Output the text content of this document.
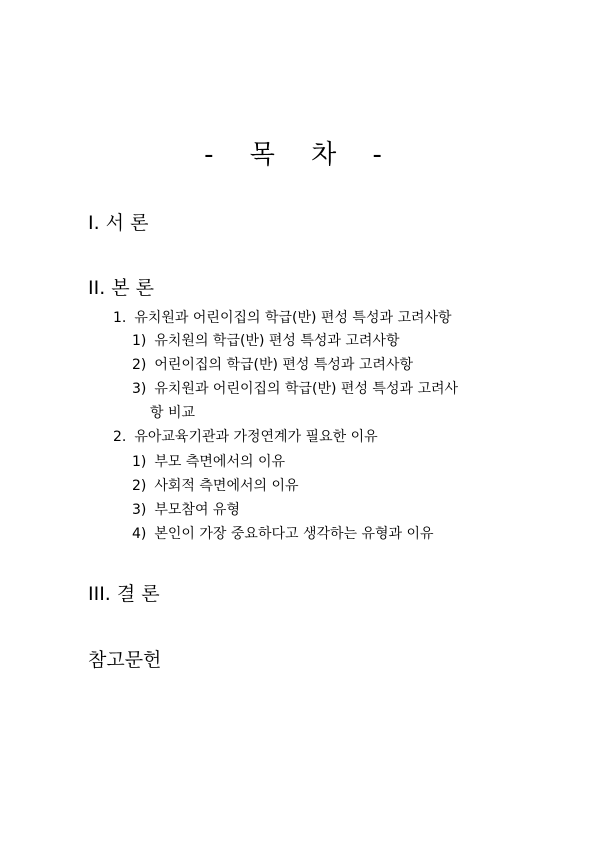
- 목 차 -
I. 서 론
II. 본 론
1. 유치원과 어린이집의 학급(반) 편성 특성과 고려사항
1) 유치원의 학급(반) 편성 특성과 고려사항
2) 어린이집의 학급(반) 편성 특성과 고려사항
3) 유치원과 어린이집의 학급(반) 편성 특성과 고려사
항 비교
2. 유아교육기관과 가정연계가 필요한 이유
1) 부모 측면에서의 이유
2) 사회적 측면에서의 이유
3) 부모참여 유형
4) 본인이 가장 중요하다고 생각하는 유형과 이유
III. 결 론
참고문헌
